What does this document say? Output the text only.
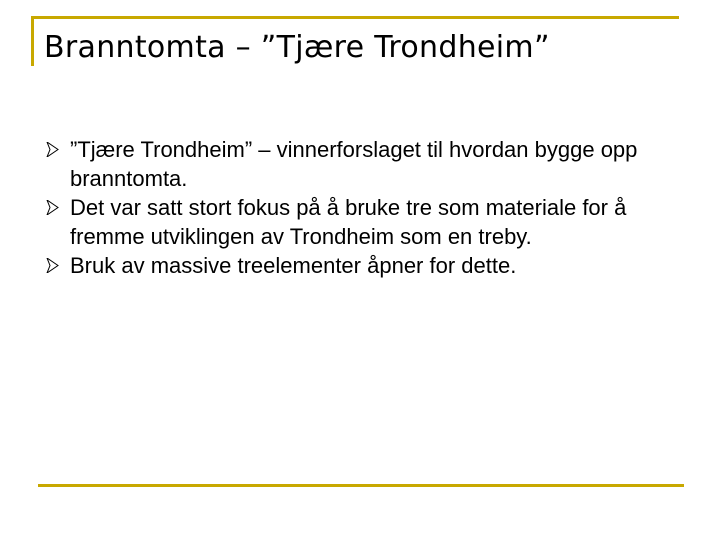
Branntomta – ”Tjære Trondheim”
”Tjære Trondheim” – vinnerforslaget til hvordan bygge opp branntomta.
Det var satt stort fokus på å bruke tre som materiale for å fremme utviklingen av Trondheim som en treby.
Bruk av massive treelementer åpner for dette.
